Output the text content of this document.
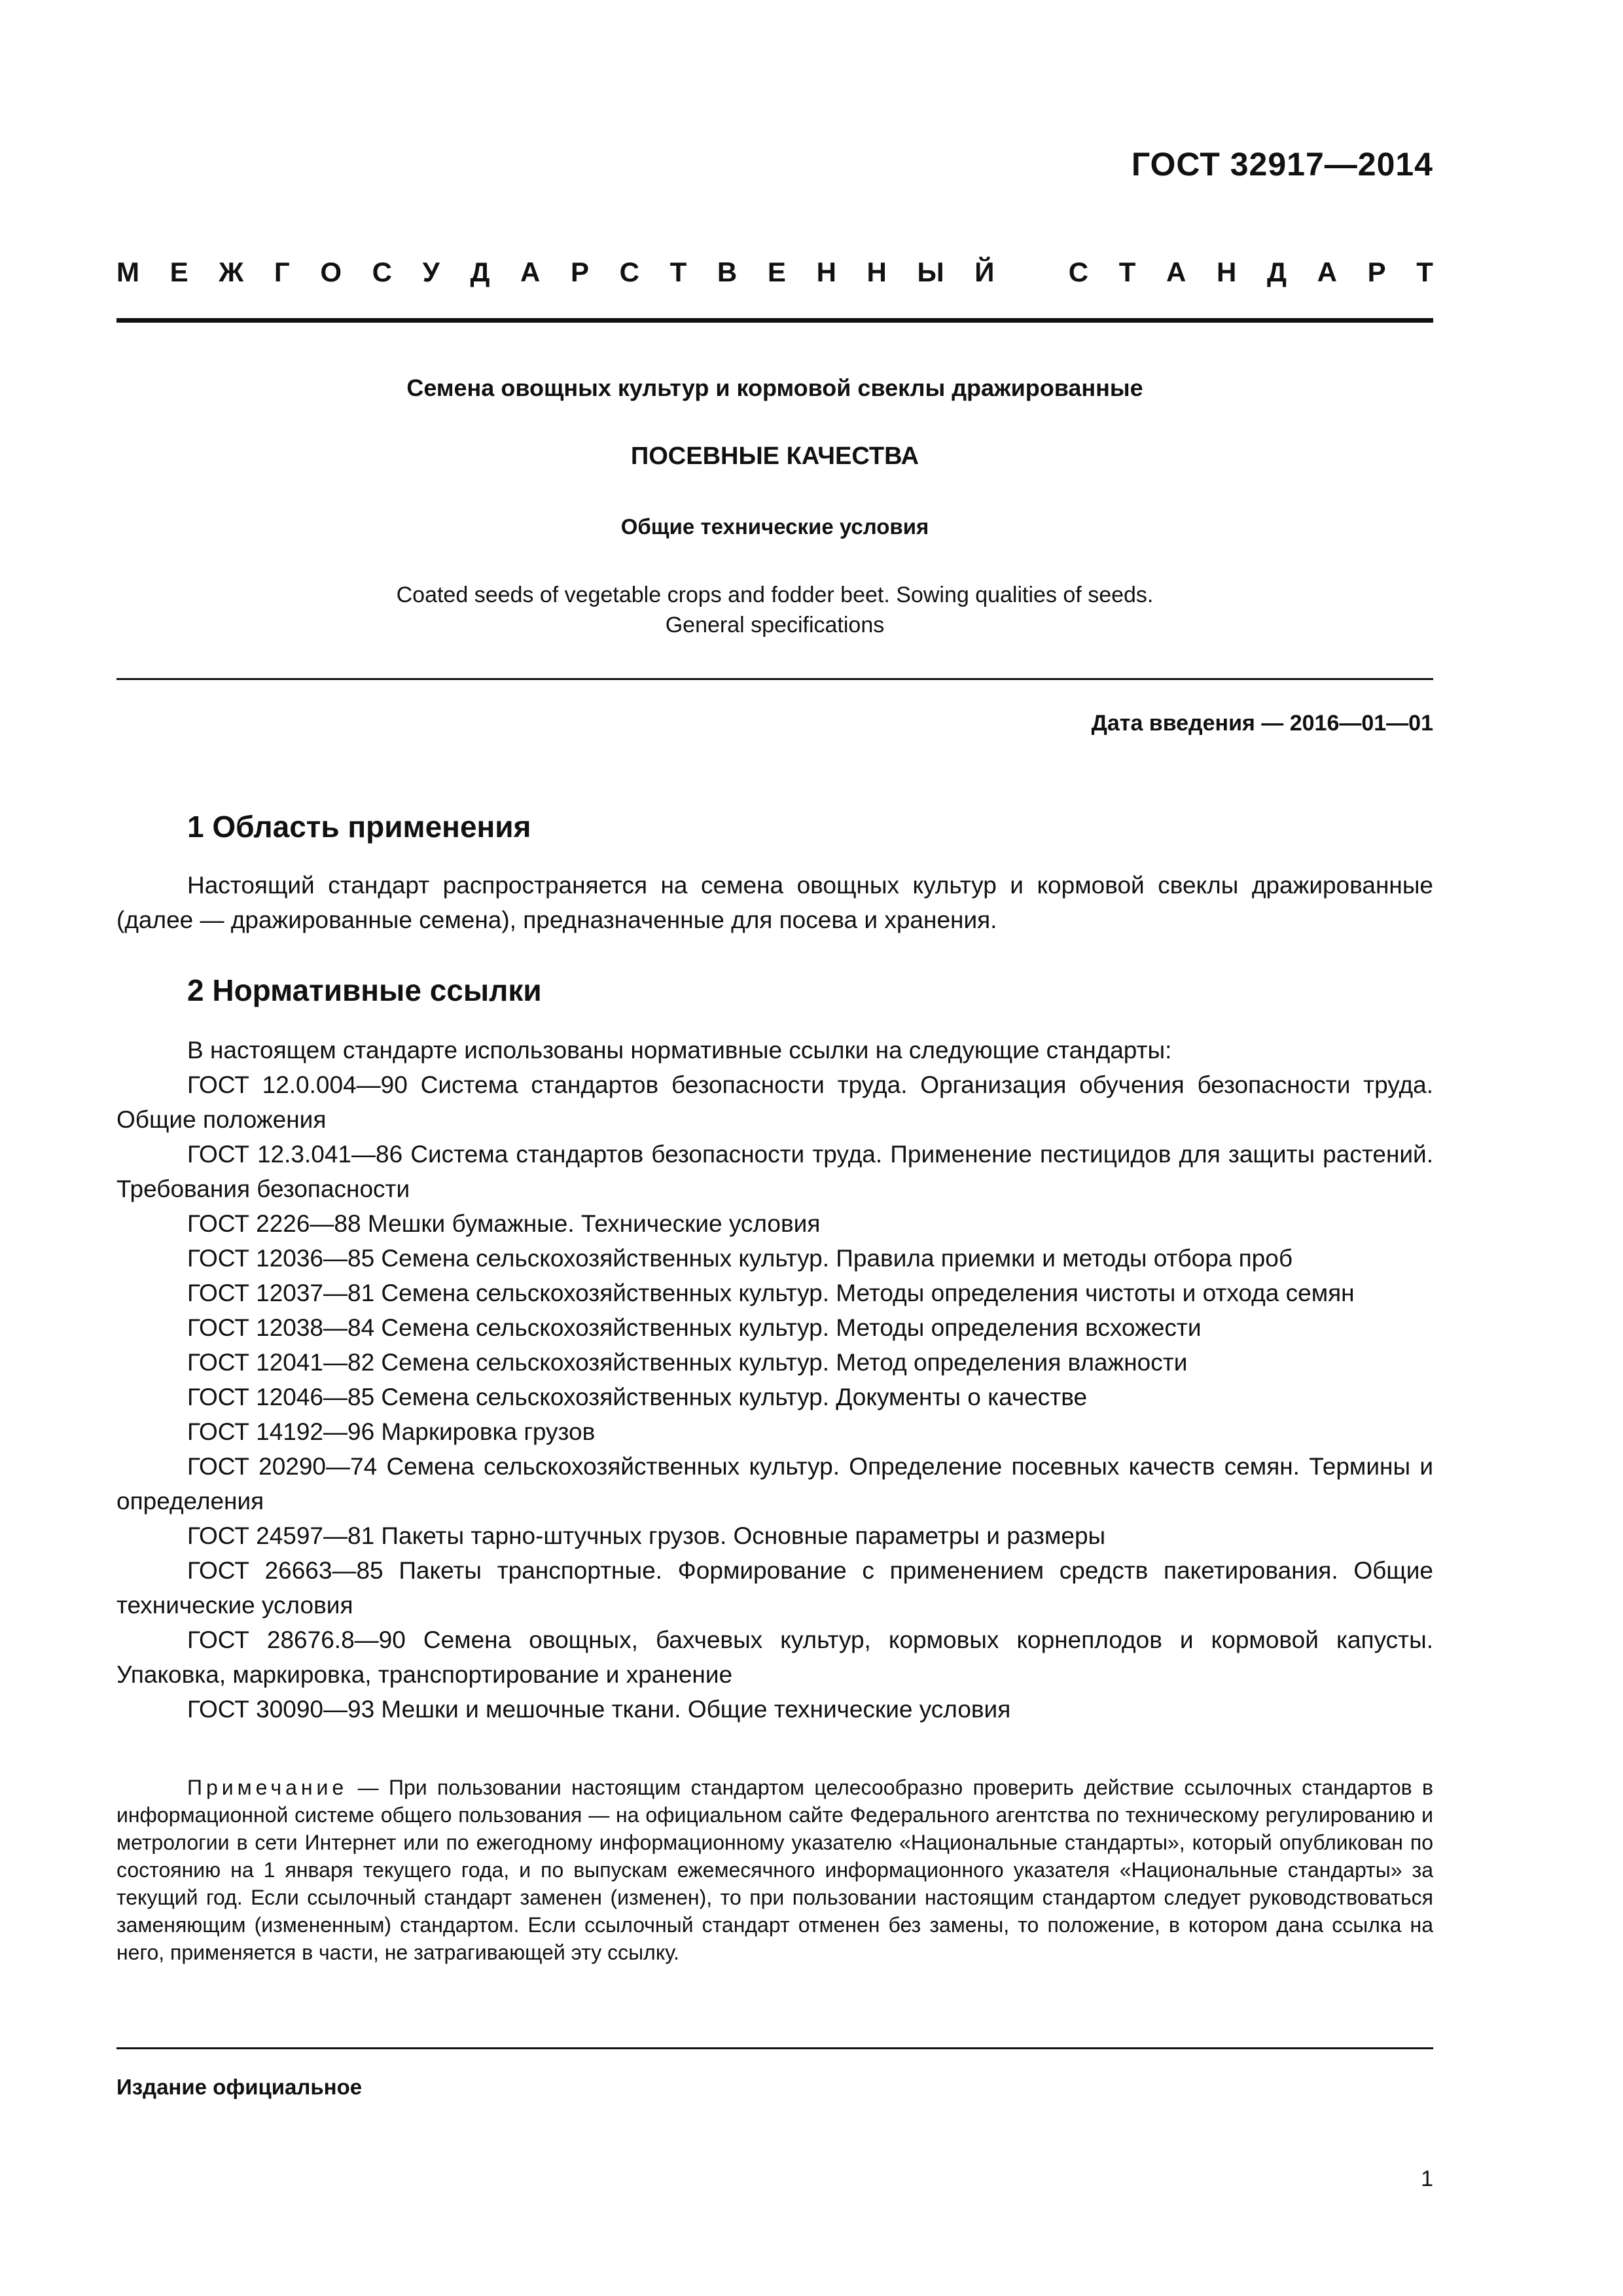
ГОСТ 32917—2014
М Е Ж Г О С У Д А Р С Т В Е Н Н Ы Й	С Т А Н Д А Р Т
Семена овощных культур и кормовой свеклы дражированные
ПОСЕВНЫЕ КАЧЕСТВА
Общие технические условия
Coated seeds of vegetable crops and fodder beet. Sowing qualities of seeds.
General specifications
Дата введения — 2016—01—01
1 Область применения

Настоящий стандарт распространяется на семена овощных культур и кормовой свеклы дражированные (далее — дражированные семена), предназначенные для посева и хранения.

2 Нормативные ссылки

В настоящем стандарте использованы нормативные ссылки на следующие стандарты:

ГОСТ 12.0.004—90 Система стандартов безопасности труда. Организация обучения безопасности труда. Общие положения

ГОСТ 12.3.041—86 Система стандартов безопасности труда. Применение пестицидов для защиты растений. Требования безопасности

ГОСТ 2226—88 Мешки бумажные. Технические условия

ГОСТ 12036—85 Семена сельскохозяйственных культур. Правила приемки и методы отбора проб

ГОСТ 12037—81 Семена сельскохозяйственных культур. Методы определения чистоты и отхода семян

ГОСТ 12038—84 Семена сельскохозяйственных культур. Методы определения всхожести

ГОСТ 12041—82 Семена сельскохозяйственных культур. Метод определения влажности

ГОСТ 12046—85 Семена сельскохозяйственных культур. Документы о качестве

ГОСТ 14192—96 Маркировка грузов

ГОСТ 20290—74 Семена сельскохозяйственных культур. Определение посевных качеств семян. Термины и определения

ГОСТ 24597—81 Пакеты тарно-штучных грузов. Основные параметры и размеры

ГОСТ 26663—85 Пакеты транспортные. Формирование с применением средств пакетирования. Общие технические условия

ГОСТ 28676.8—90 Семена овощных, бахчевых культур, кормовых корнеплодов и кормовой капусты. Упаковка, маркировка, транспортирование и хранение

ГОСТ 30090—93 Мешки и мешочные ткани. Общие технические условия

Примечание — При пользовании настоящим стандартом целесообразно проверить действие ссылочных стандартов в информационной системе общего пользования — на официальном сайте Федерального агентства по техническому регулированию и метрологии в сети Интернет или по ежегодному информационному указателю «Национальные стандарты», который опубликован по состоянию на 1 января текущего года, и по выпускам ежемесячного информационного указателя «Национальные стандарты» за текущий год. Если ссылочный стандарт заменен (изменен), то при пользовании настоящим стандартом следует руководствоваться заменяющим (измененным) стандартом. Если ссылочный стандарт отменен без замены, то положение, в котором дана ссылка на него, применяется в части, не затрагивающей эту ссылку.
Издание официальное
1
